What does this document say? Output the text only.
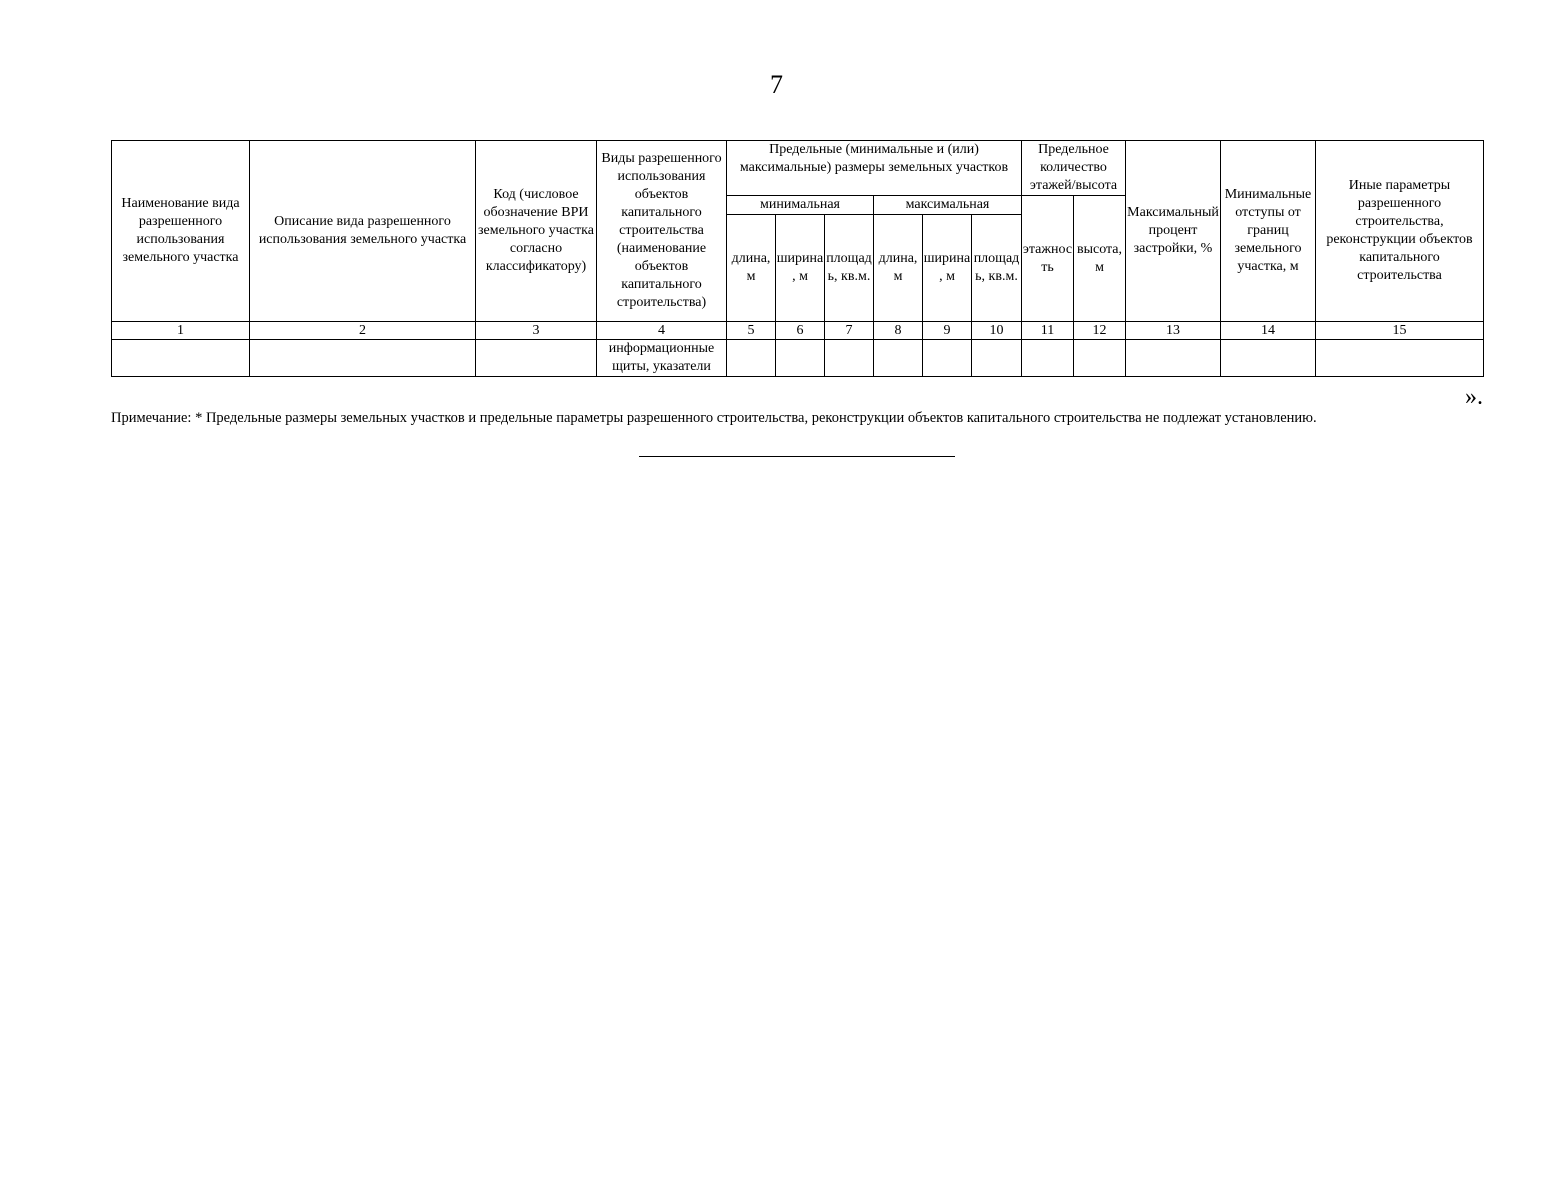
7
Наименование вида разрешенного использования земельного участка	Описание вида разрешенного использования земельного участка	Код (числовое обозначение ВРИ земельного участка согласно классификатору)	Виды разрешенного использования объектов капитального строительства (наименование объектов капитального строительства)	Предельные (минимальные и (или) максимальные) размеры земельных участков						Предельное количество этажей/высота		Максимальный процент застройки, %	Минимальные отступы от границ земельного участка, м	Иные параметры разрешенного строительства, реконструкции объектов капитального строительства
				минимальная			максимальная			этажность	высота, м			
				длина, м	ширина, м	площадь, кв.м.	длина, м	ширина, м	площадь, кв.м.					
1	2	3	4	5	6	7	8	9	10	11	12	13	14	15
			информационные щиты, указатели											
».
Примечание: * Предельные размеры земельных участков и предельные параметры разрешенного строительства, реконструкции объектов капитального строительства не подлежат установлению.
